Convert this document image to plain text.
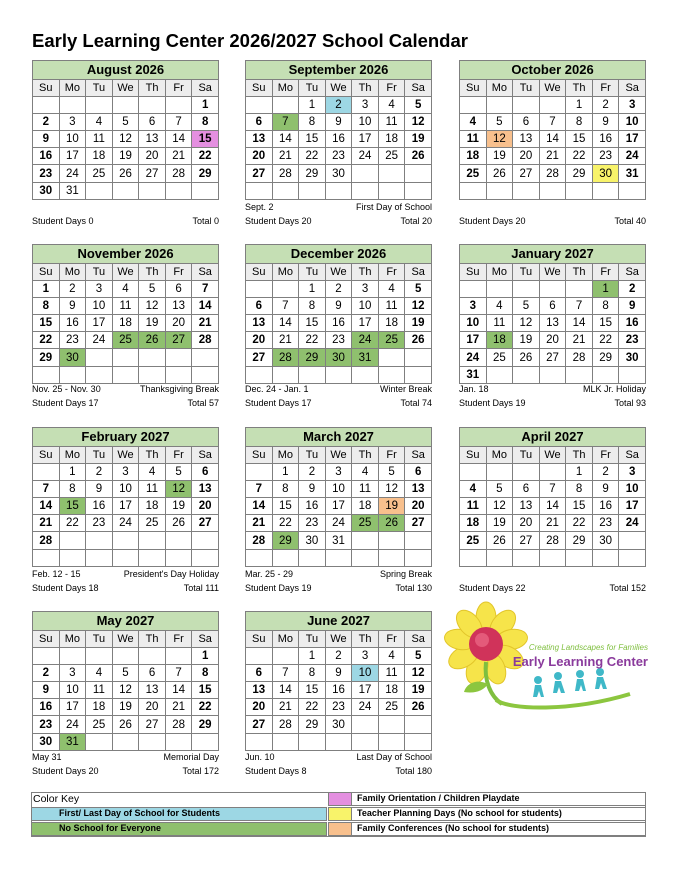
Early Learning Center 2026/2027 School Calendar
August 2026						
Su	Mo	Tu	We	Th	Fr	Sa
						1
2	3	4	5	6	7	8
9	10	11	12	13	14	15
16	17	18	19	20	21	22
23	24	25	26	27	28	29
30	31					
September 2026						
Su	Mo	Tu	We	Th	Fr	Sa
		1	2	3	4	5
6	7	8	9	10	11	12
13	14	15	16	17	18	19
20	21	22	23	24	25	26
27	28	29	30			

October 2026						
Su	Mo	Tu	We	Th	Fr	Sa
				1	2	3
4	5	6	7	8	9	10
11	12	13	14	15	16	17
18	19	20	21	22	23	24
25	26	27	28	29	30	31

November 2026						
Su	Mo	Tu	We	Th	Fr	Sa
1	2	3	4	5	6	7
8	9	10	11	12	13	14
15	16	17	18	19	20	21
22	23	24	25	26	27	28
29	30					

December 2026						
Su	Mo	Tu	We	Th	Fr	Sa
		1	2	3	4	5
6	7	8	9	10	11	12
13	14	15	16	17	18	19
20	21	22	23	24	25	26
27	28	29	30	31		

January 2027						
Su	Mo	Tu	We	Th	Fr	Sa
					1	2
3	4	5	6	7	8	9
10	11	12	13	14	15	16
17	18	19	20	21	22	23
24	25	26	27	28	29	30
31						
February 2027						
Su	Mo	Tu	We	Th	Fr	Sa
	1	2	3	4	5	6
7	8	9	10	11	12	13
14	15	16	17	18	19	20
21	22	23	24	25	26	27
28						

March 2027						
Su	Mo	Tu	We	Th	Fr	Sa
	1	2	3	4	5	6
7	8	9	10	11	12	13
14	15	16	17	18	19	20
21	22	23	24	25	26	27
28	29	30	31			

April 2027						
Su	Mo	Tu	We	Th	Fr	Sa
				1	2	3
4	5	6	7	8	9	10
11	12	13	14	15	16	17
18	19	20	21	22	23	24
25	26	27	28	29	30	

May 2027						
Su	Mo	Tu	We	Th	Fr	Sa
						1
2	3	4	5	6	7	8
9	10	11	12	13	14	15
16	17	18	19	20	21	22
23	24	25	26	27	28	29
30	31					
June 2027						
Su	Mo	Tu	We	Th	Fr	Sa
		1	2	3	4	5
6	7	8	9	10	11	12
13	14	15	16	17	18	19
20	21	22	23	24	25	26
27	28	29	30			

Student Days 0	Total 0
Sept. 2	First Day of School
Student Days 20	Total 20	Student Days 20	Total 40
Nov. 25 - Nov. 30	Thanksgiving Break
Student Days 17	Total 57
Dec. 24 - Jan. 1	Winter Break
Student Days 17	Total 74
Jan. 18	MLK Jr. Holiday
Student Days 19	Total 93
Feb. 12 - 15	President's Day Holiday
Student Days 18	Total 111
Mar. 25 - 29	Spring Break
Student Days 19	Total 130	Student Days 22	Total 152
May 31	Memorial Day
Student Days 20	Total 172
Jun. 10	Last Day of School
Student Days 8	Total 180
Creating Landscapes for Families
Early Learning Center
Color Key
First/ Last Day of School for Students
No School for Everyone
Family Orientation / Children Playdate
Teacher Planning Days (No school for students)
Family Conferences (No school for students)
